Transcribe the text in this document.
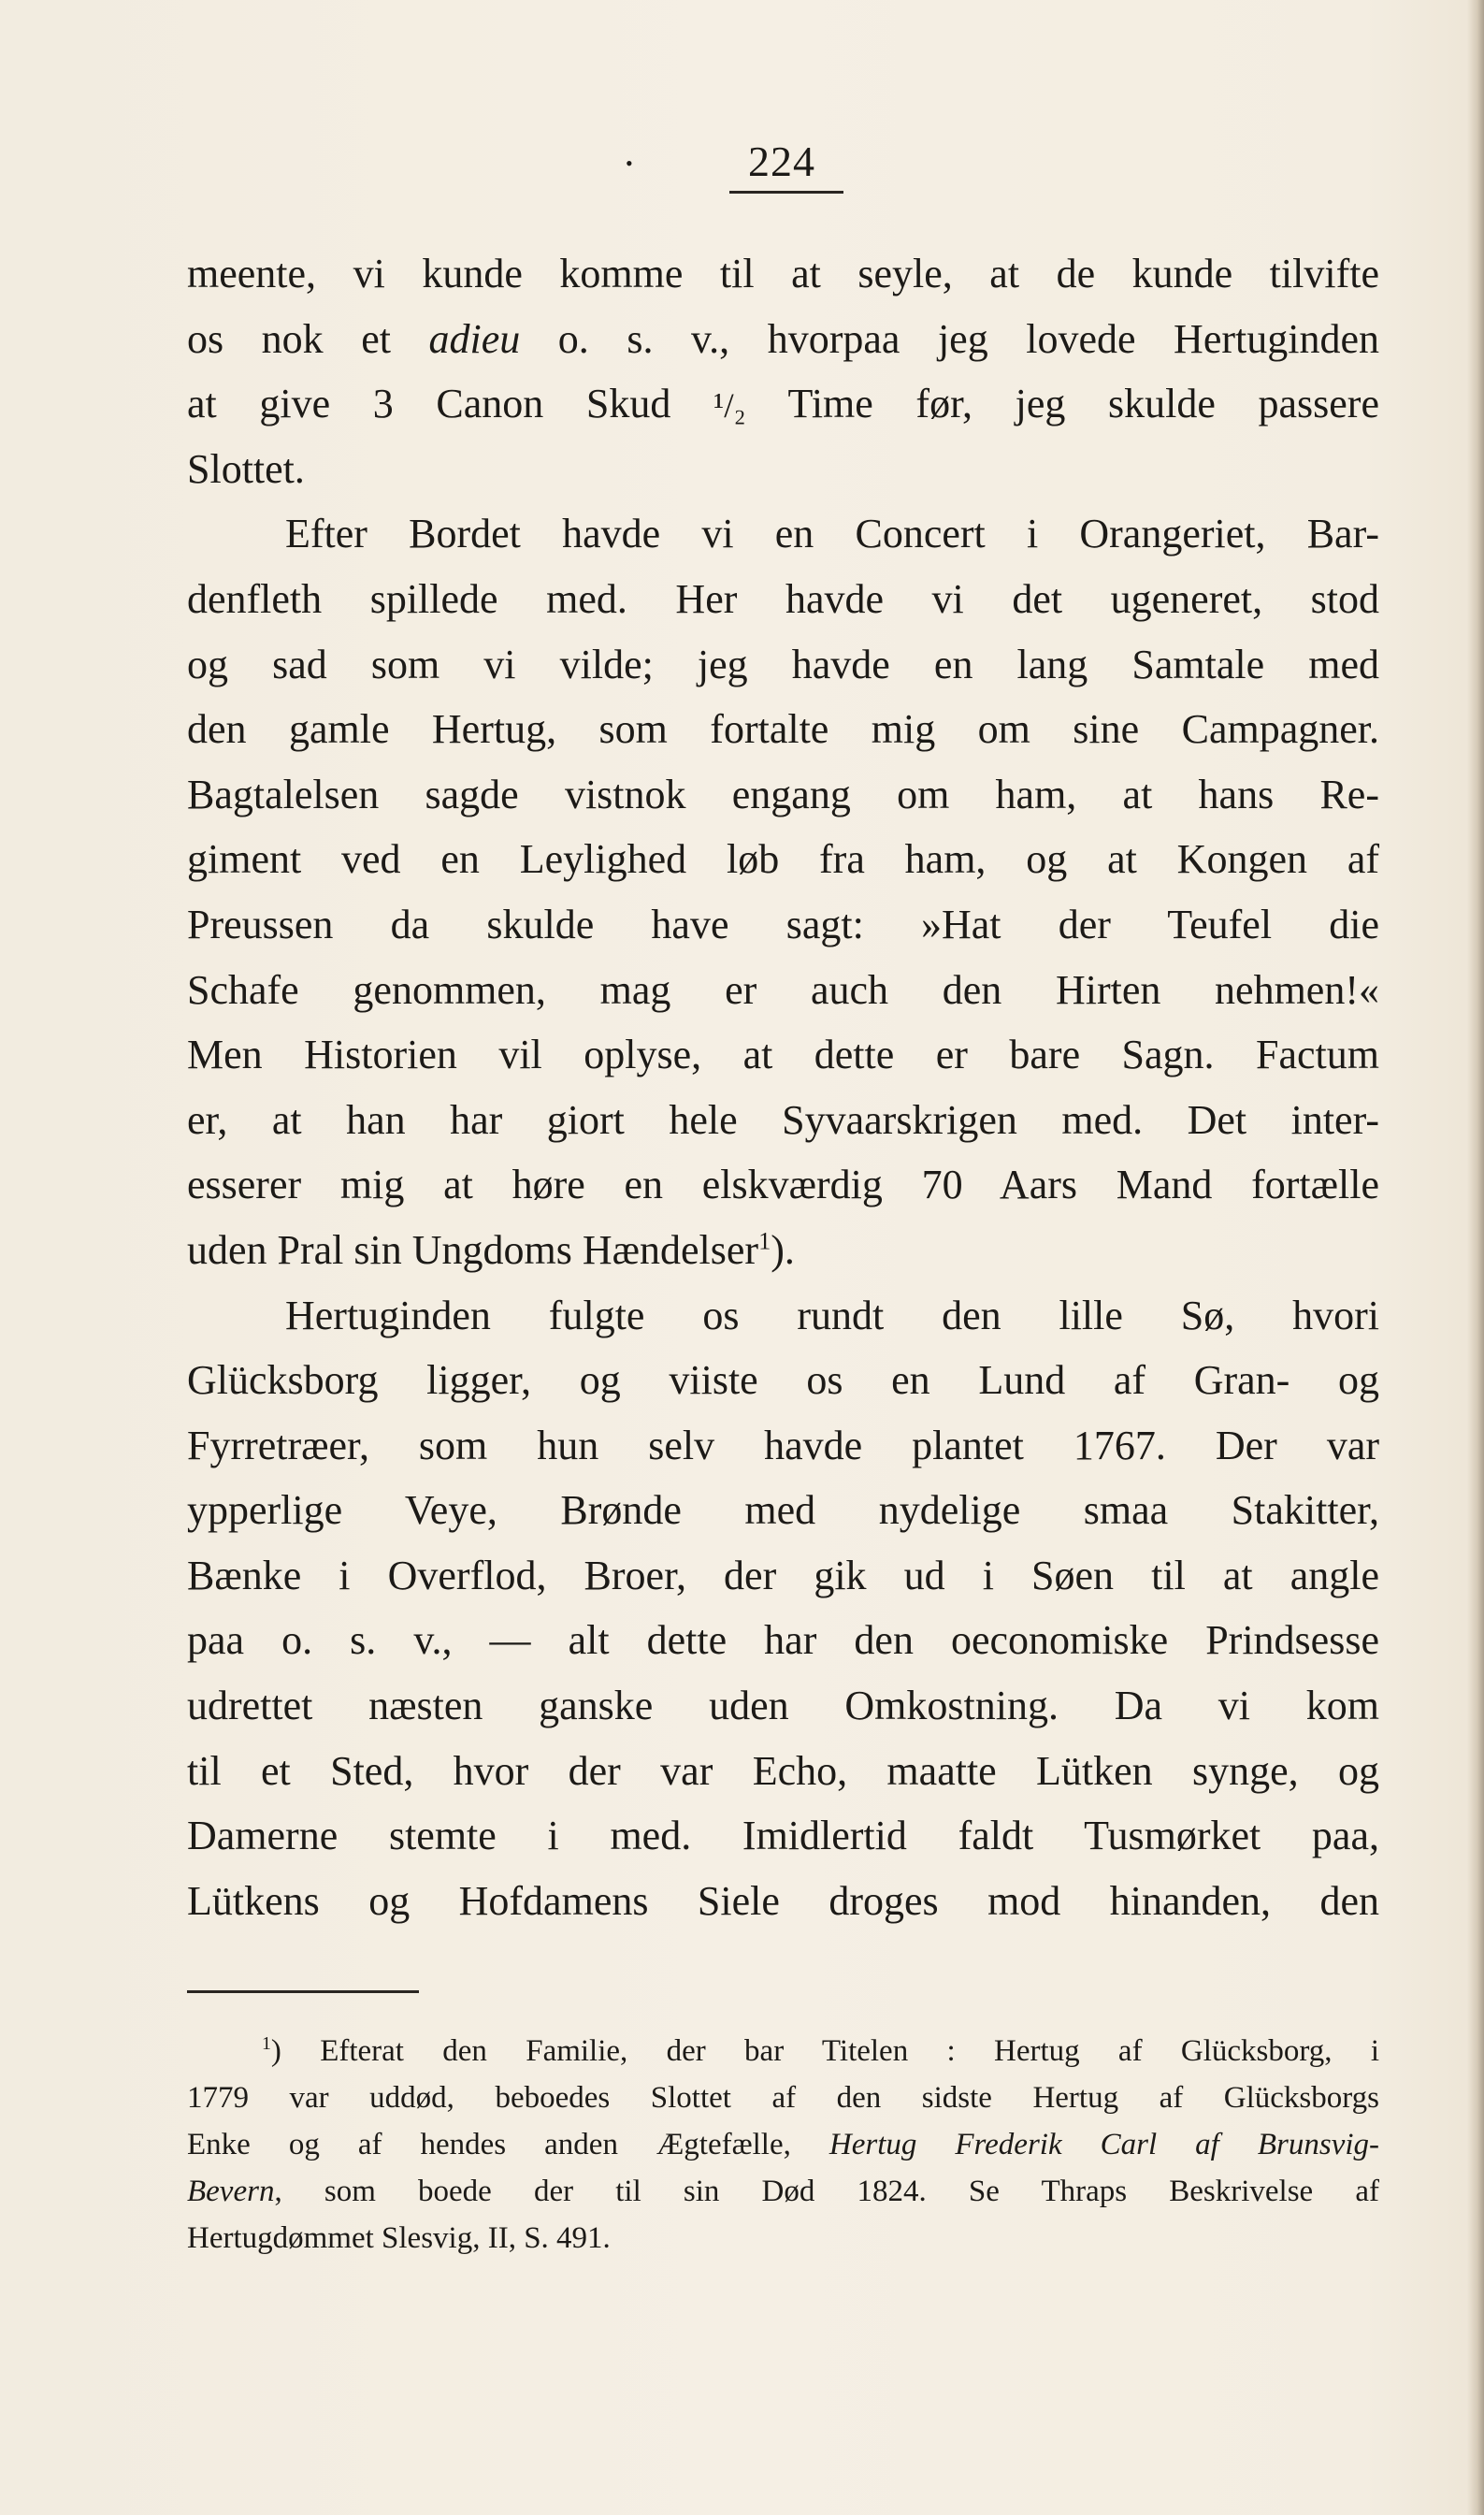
•	224
meente, vi kunde komme til at seyle, at de kunde tilvifte
os nok et adieu o. s. v., hvorpaa jeg lovede Hertuginden
at give 3 Canon Skud ¹/₂ Time før, jeg skulde passere
Slottet.
Efter Bordet havde vi en Concert i Orangeriet, Bar-
denfleth spillede med. Her havde vi det ugeneret, stod
og sad som vi vilde; jeg havde en lang Samtale med
den gamle Hertug, som fortalte mig om sine Campagner.
Bagtalelsen sagde vistnok engang om ham, at hans Re-
giment ved en Leylighed løb fra ham, og at Kongen af
Preussen da skulde have sagt: »Hat der Teufel die
Schafe genommen, mag er auch den Hirten nehmen!«
Men Historien vil oplyse, at dette er bare Sagn. Factum
er, at han har giort hele Syvaarskrigen med. Det inter-
esserer mig at høre en elskværdig 70 Aars Mand fortælle
uden Pral sin Ungdoms Hændelser$^1$).
Hertuginden fulgte os rundt den lille Sø, hvori
Glücksborg ligger, og viiste os en Lund af Gran- og
Fyrretræer, som hun selv havde plantet 1767. Der var
ypperlige Veye, Brønde med nydelige smaa Stakitter,
Bænke i Overflod, Broer, der gik ud i Søen til at angle
paa o. s. v., — alt dette har den oeconomiske Prindsesse
udrettet næsten ganske uden Omkostning. Da vi kom
til et Sted, hvor der var Echo, maatte Lütken synge, og
Damerne stemte i med. Imidlertid faldt Tusmørket paa,
Lütkens og Hofdamens Siele droges mod hinanden, den
$^1$) Efterat den Familie, der bar Titelen : Hertug af Glücksborg, i
1779 var uddød, beboedes Slottet af den sidste Hertug af Glücksborgs
Enke og af hendes anden Ægtefælle, Hertug Frederik Carl af Brunsvig-
Bevern, som boede der til sin Død 1824. Se Thraps Beskrivelse af
Hertugdømmet Slesvig, II, S. 491.
